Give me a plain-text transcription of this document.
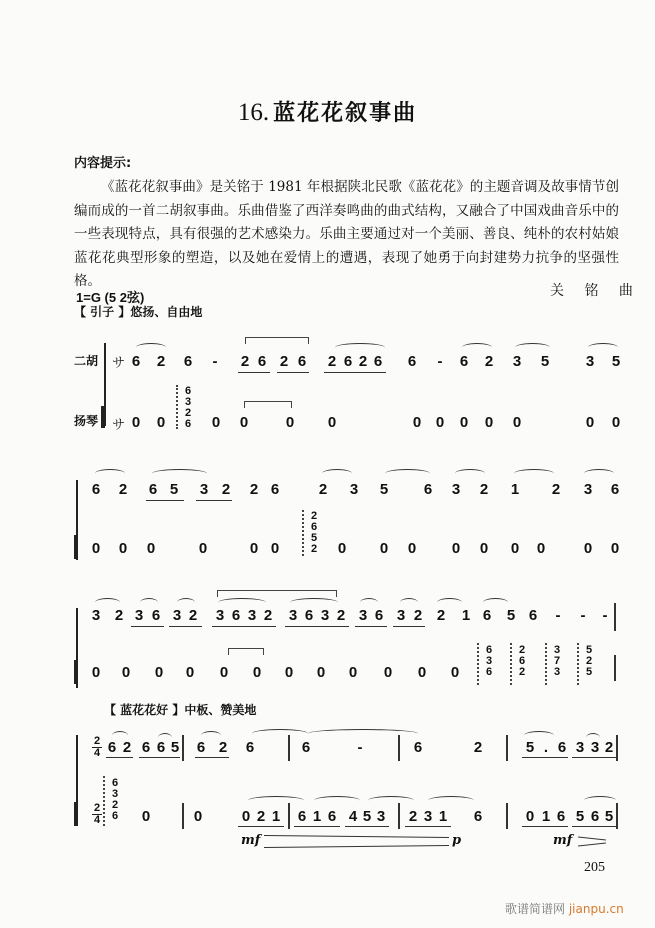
16. 蓝花花叙事曲
内容提示:
《蓝花花叙事曲》是关铭于 1981 年根据陕北民歌《蓝花花》的主题音调及故事情节创编而成的一首二胡叙事曲。乐曲借鉴了西洋奏鸣曲的曲式结构，又融合了中国戏曲音乐中的一些表现特点，具有很强的艺术感染力。乐曲主要通过对一个美丽、善良、纯朴的农村姑娘蓝花花典型形象的塑造，以及她在爱情上的遭遇，表现了她勇于向封建势力抗争的坚强性格。
1=G (5 2弦)	关 铭 曲
【 引子 】悠扬、自由地
二胡
扬琴
サ
サ
6 2 6	-	2 6 2 6 2 6 2 6 6	-	6 2 3 5 3 5
0 0	0 0	0 0	0 0 0 0 0	0 0
6
3
2
6
6 2 6 5 3 2 2 6	2 3 5 6 3 2 1 2 3 6
0 0 0	0	0 0	0 0 0 0 0 0 0	0 0
2
6
5
2
3 2 3 6 3 2 3 6 3 2 3 6 3 2 3 6 3 2 2 1 6 5 6	-	-	-
0 0 0 0 0 0 0 0 0 0 0 0
6
3
6
2
6
2
3
7
3
5
2
5
【 蓝花花好 】中板、赞美地
2
4 6 2 6 6 5 6 2 6	6	-	6	2	5 . 6 3 3 2
2
4
6
3
2
6 0	0	0 2 1 6 1 6 4 5 3 2 3 1 6	0 1 6 5 6 5
mf	p	mf
205
歌谱简谱网 jianpu.cn
